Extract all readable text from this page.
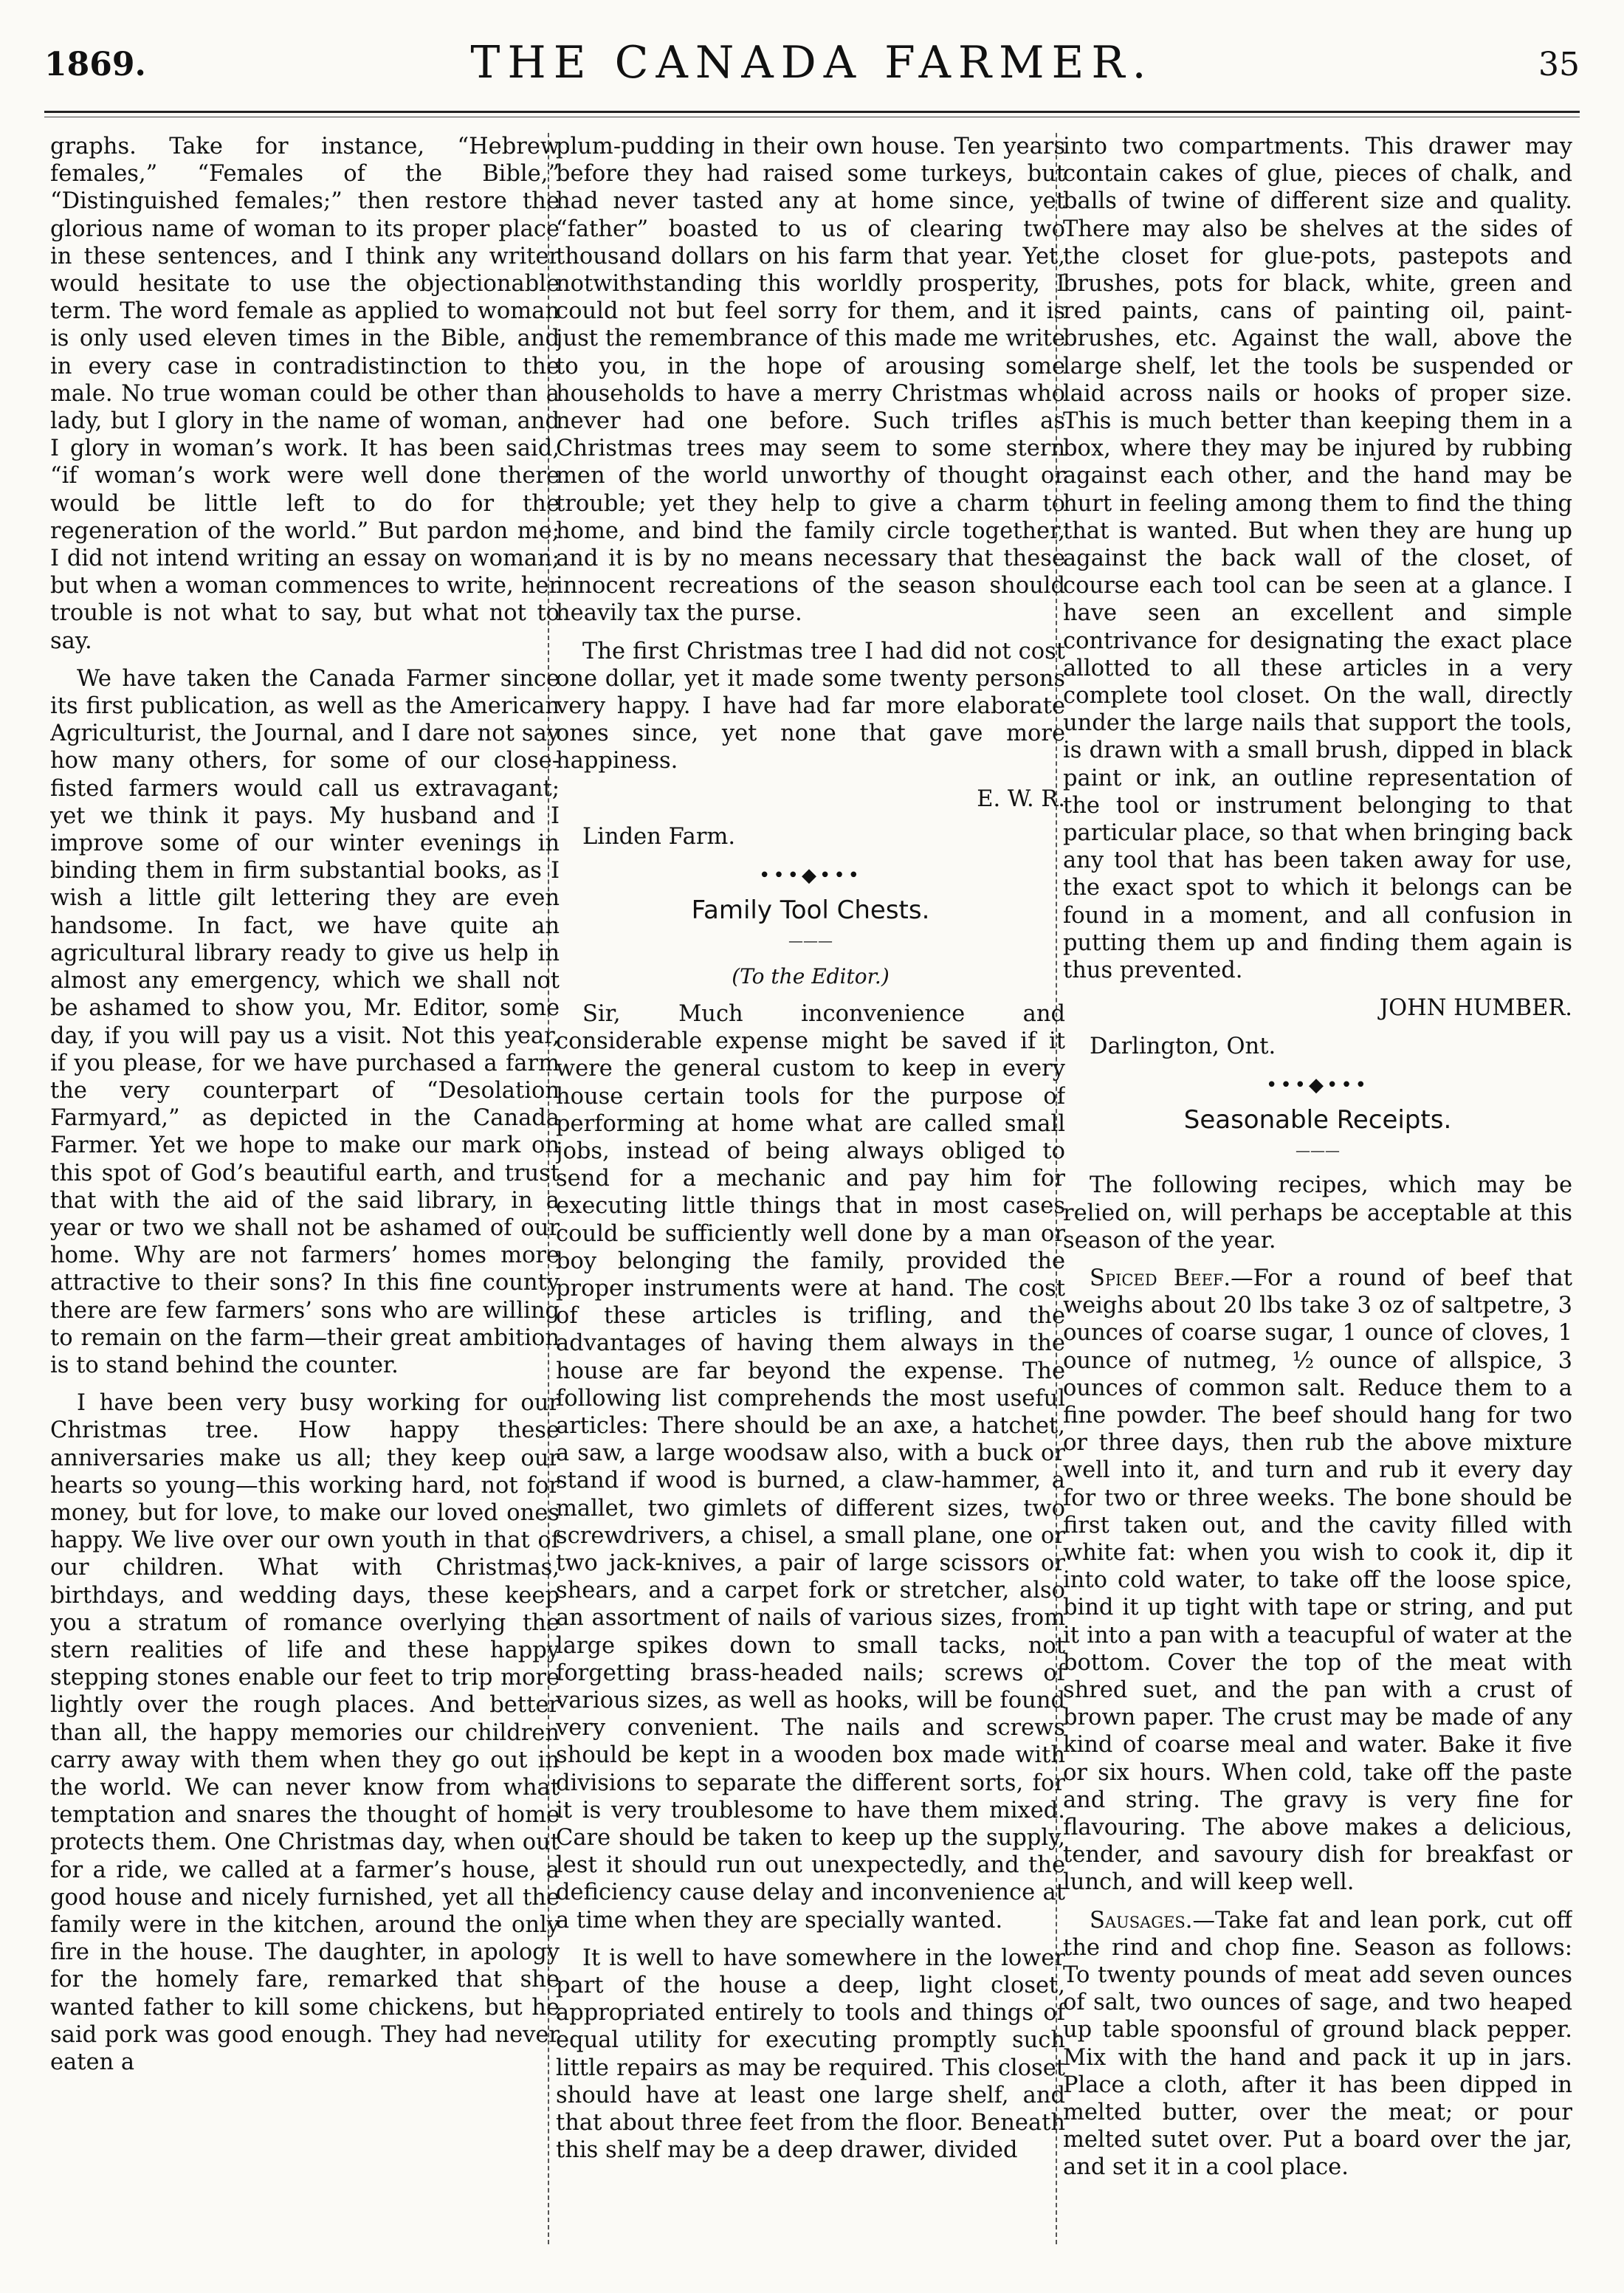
1869.	THE CANADA FARMER.	35

graphs. Take for instance, “Hebrew females,” “Females of the Bible,” “Distinguished females;” then restore the glorious name of woman to its proper place in these sentences, and I think any writer would hesitate to use the objectionable term. The word female as applied to woman is only used eleven times in the Bible, and in every case in contradistinction to the male. No true woman could be other than a lady, but I glory in the name of woman, and I glory in woman’s work. It has been said, “if woman’s work were well done there would be little left to do for the regeneration of the world.” But pardon me; I did not intend writing an essay on woman; but when a woman commences to write, her trouble is not what to say, but what not to say.

We have taken the Canada Farmer since its first publication, as well as the American Agriculturist, the Journal, and I dare not say how many others, for some of our close-fisted farmers would call us extravagant; yet we think it pays. My husband and I improve some of our winter evenings in binding them in firm substantial books, as I wish a little gilt lettering they are even handsome. In fact, we have quite an agricultural library ready to give us help in almost any emergency, which we shall not be ashamed to show you, Mr. Editor, some day, if you will pay us a visit. Not this year, if you please, for we have purchased a farm the very counterpart of “Desolation Farmyard,” as depicted in the Canada Farmer. Yet we hope to make our mark on this spot of God’s beautiful earth, and trust that with the aid of the said library, in a year or two we shall not be ashamed of our home. Why are not farmers’ homes more attractive to their sons? In this fine county there are few farmers’ sons who are willing to remain on the farm—their great ambition is to stand behind the counter.

I have been very busy working for our Christmas tree. How happy these anniversaries make us all; they keep our hearts so young—this working hard, not for money, but for love, to make our loved ones happy. We live over our own youth in that of our children. What with Christmas, birthdays, and wedding days, these keep you a stratum of romance overlying the stern realities of life and these happy stepping stones enable our feet to trip more lightly over the rough places. And better than all, the happy memories our children carry away with them when they go out in the world. We can never know from what temptation and snares the thought of home protects them. One Christmas day, when out for a ride, we called at a farmer’s house, a good house and nicely furnished, yet all the family were in the kitchen, around the only fire in the house. The daughter, in apology for the homely fare, remarked that she wanted father to kill some chickens, but he said pork was good enough. They had never eaten a

plum-pudding in their own house. Ten years before they had raised some turkeys, but had never tasted any at home since, yet “father” boasted to us of clearing two thousand dollars on his farm that year. Yet, notwithstanding this worldly prosperity, I could not but feel sorry for them, and it is just the remembrance of this made me write to you, in the hope of arousing some households to have a merry Christmas who never had one before. Such trifles as Christmas trees may seem to some stern men of the world unworthy of thought or trouble; yet they help to give a charm to home, and bind the family circle together, and it is by no means necessary that these innocent recreations of the season should heavily tax the purse.

The first Christmas tree I had did not cost one dollar, yet it made some twenty persons very happy. I have had far more elaborate ones since, yet none that gave more happiness.

E. W. R.

Linden Farm.

•••◆•••
Family Tool Chests.
———
(To the Editor.)

Sir, Much inconvenience and considerable expense might be saved if it were the general custom to keep in every house certain tools for the purpose of performing at home what are called small jobs, instead of being always obliged to send for a mechanic and pay him for executing little things that in most cases could be sufficiently well done by a man or boy belonging the family, provided the proper instruments were at hand. The cost of these articles is trifling, and the advantages of having them always in the house are far beyond the expense. The following list comprehends the most useful articles: There should be an axe, a hatchet, a saw, a large woodsaw also, with a buck or stand if wood is burned, a claw-hammer, a mallet, two gimlets of different sizes, two screwdrivers, a chisel, a small plane, one or two jack-knives, a pair of large scissors or shears, and a carpet fork or stretcher, also an assortment of nails of various sizes, from large spikes down to small tacks, not forgetting brass-headed nails; screws of various sizes, as well as hooks, will be found very convenient. The nails and screws should be kept in a wooden box made with divisions to separate the different sorts, for it is very troublesome to have them mixed. Care should be taken to keep up the supply, lest it should run out unexpectedly, and the deficiency cause delay and inconvenience at a time when they are specially wanted.

It is well to have somewhere in the lower part of the house a deep, light closet, appropriated entirely to tools and things of equal utility for executing promptly such little repairs as may be required. This closet should have at least one large shelf, and that about three feet from the floor. Beneath this shelf may be a deep drawer, divided

into two compartments. This drawer may contain cakes of glue, pieces of chalk, and balls of twine of different size and quality. There may also be shelves at the sides of the closet for glue-pots, pastepots and brushes, pots for black, white, green and red paints, cans of painting oil, paint-brushes, etc. Against the wall, above the large shelf, let the tools be suspended or laid across nails or hooks of proper size. This is much better than keeping them in a box, where they may be injured by rubbing against each other, and the hand may be hurt in feeling among them to find the thing that is wanted. But when they are hung up against the back wall of the closet, of course each tool can be seen at a glance. I have seen an excellent and simple contrivance for designating the exact place allotted to all these articles in a very complete tool closet. On the wall, directly under the large nails that support the tools, is drawn with a small brush, dipped in black paint or ink, an outline representation of the tool or instrument belonging to that particular place, so that when bringing back any tool that has been taken away for use, the exact spot to which it belongs can be found in a moment, and all confusion in putting them up and finding them again is thus prevented.

JOHN HUMBER.

Darlington, Ont.

•••◆•••
Seasonable Receipts.
———

The following recipes, which may be relied on, will perhaps be acceptable at this season of the year.

Spiced Beef.—For a round of beef that weighs about 20 lbs take 3 oz of saltpetre, 3 ounces of coarse sugar, 1 ounce of cloves, 1 ounce of nutmeg, ½ ounce of allspice, 3 ounces of common salt. Reduce them to a fine powder. The beef should hang for two or three days, then rub the above mixture well into it, and turn and rub it every day for two or three weeks. The bone should be first taken out, and the cavity filled with white fat: when you wish to cook it, dip it into cold water, to take off the loose spice, bind it up tight with tape or string, and put it into a pan with a teacupful of water at the bottom. Cover the top of the meat with shred suet, and the pan with a crust of brown paper. The crust may be made of any kind of coarse meal and water. Bake it five or six hours. When cold, take off the paste and string. The gravy is very fine for flavouring. The above makes a delicious, tender, and savoury dish for breakfast or lunch, and will keep well.

Sausages.—Take fat and lean pork, cut off the rind and chop fine. Season as follows: To twenty pounds of meat add seven ounces of salt, two ounces of sage, and two heaped up table spoonsful of ground black pepper. Mix with the hand and pack it up in jars. Place a cloth, after it has been dipped in melted butter, over the meat; or pour melted sutet over. Put a board over the jar, and set it in a cool place.
